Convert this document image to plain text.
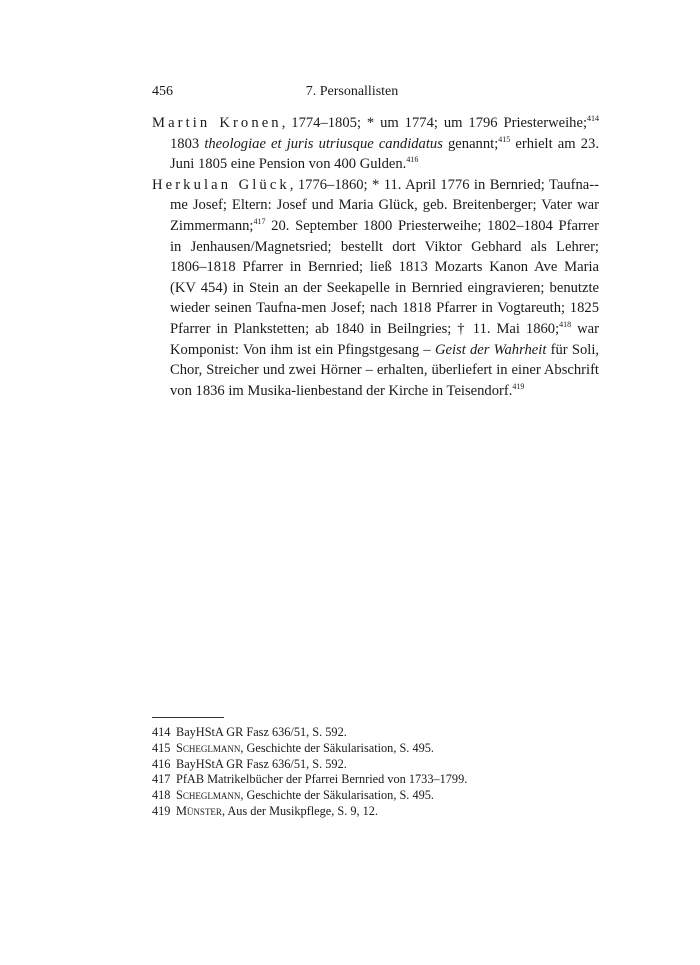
456	7. Personallisten

Martin Kronen, 1774–1805; * um 1774; um 1796 Priesterweihe;$^{414}$ 1803 theologiae et juris utriusque candidatus genannt;$^{415}$ erhielt am 23. Juni 1805 eine Pension von 400 Gulden.$^{416}$

Herkulan Glück, 1776–1860; * 11. April 1776 in Bernried; Taufna-mе Josef; Eltern: Josef und Maria Glück, geb. Breitenberger; Vater war Zimmermann;$^{417}$ 20. September 1800 Priesterweihe; 1802–1804 Pfarrer in Jenhausen/Magnetsried; bestellt dort Viktor Gebhard als Lehrer; 1806–1818 Pfarrer in Bernried; ließ 1813 Mozarts Kanon Ave Maria (KV 454) in Stein an der Seekapelle in Bernried eingravieren; benutzte wieder seinen Taufna-men Josef; nach 1818 Pfarrer in Vogtareuth; 1825 Pfarrer in Plankstetten; ab 1840 in Beilngries; † 11. Mai 1860;$^{418}$ war Komponist: Von ihm ist ein Pfingstgesang – Geist der Wahrheit für Soli, Chor, Streicher und zwei Hörner – erhalten, überliefert in einer Abschrift von 1836 im Musika-lienbestand der Kirche in Teisendorf.$^{419}$

414 BayHStA GR Fasz 636/51, S. 592.
415 Scheglmann, Geschichte der Säkularisation, S. 495.
416 BayHStA GR Fasz 636/51, S. 592.
417 PfAB Matrikelbücher der Pfarrei Bernried von 1733–1799.
418 Scheglmann, Geschichte der Säkularisation, S. 495.
419 Münster, Aus der Musikpflege, S. 9, 12.
